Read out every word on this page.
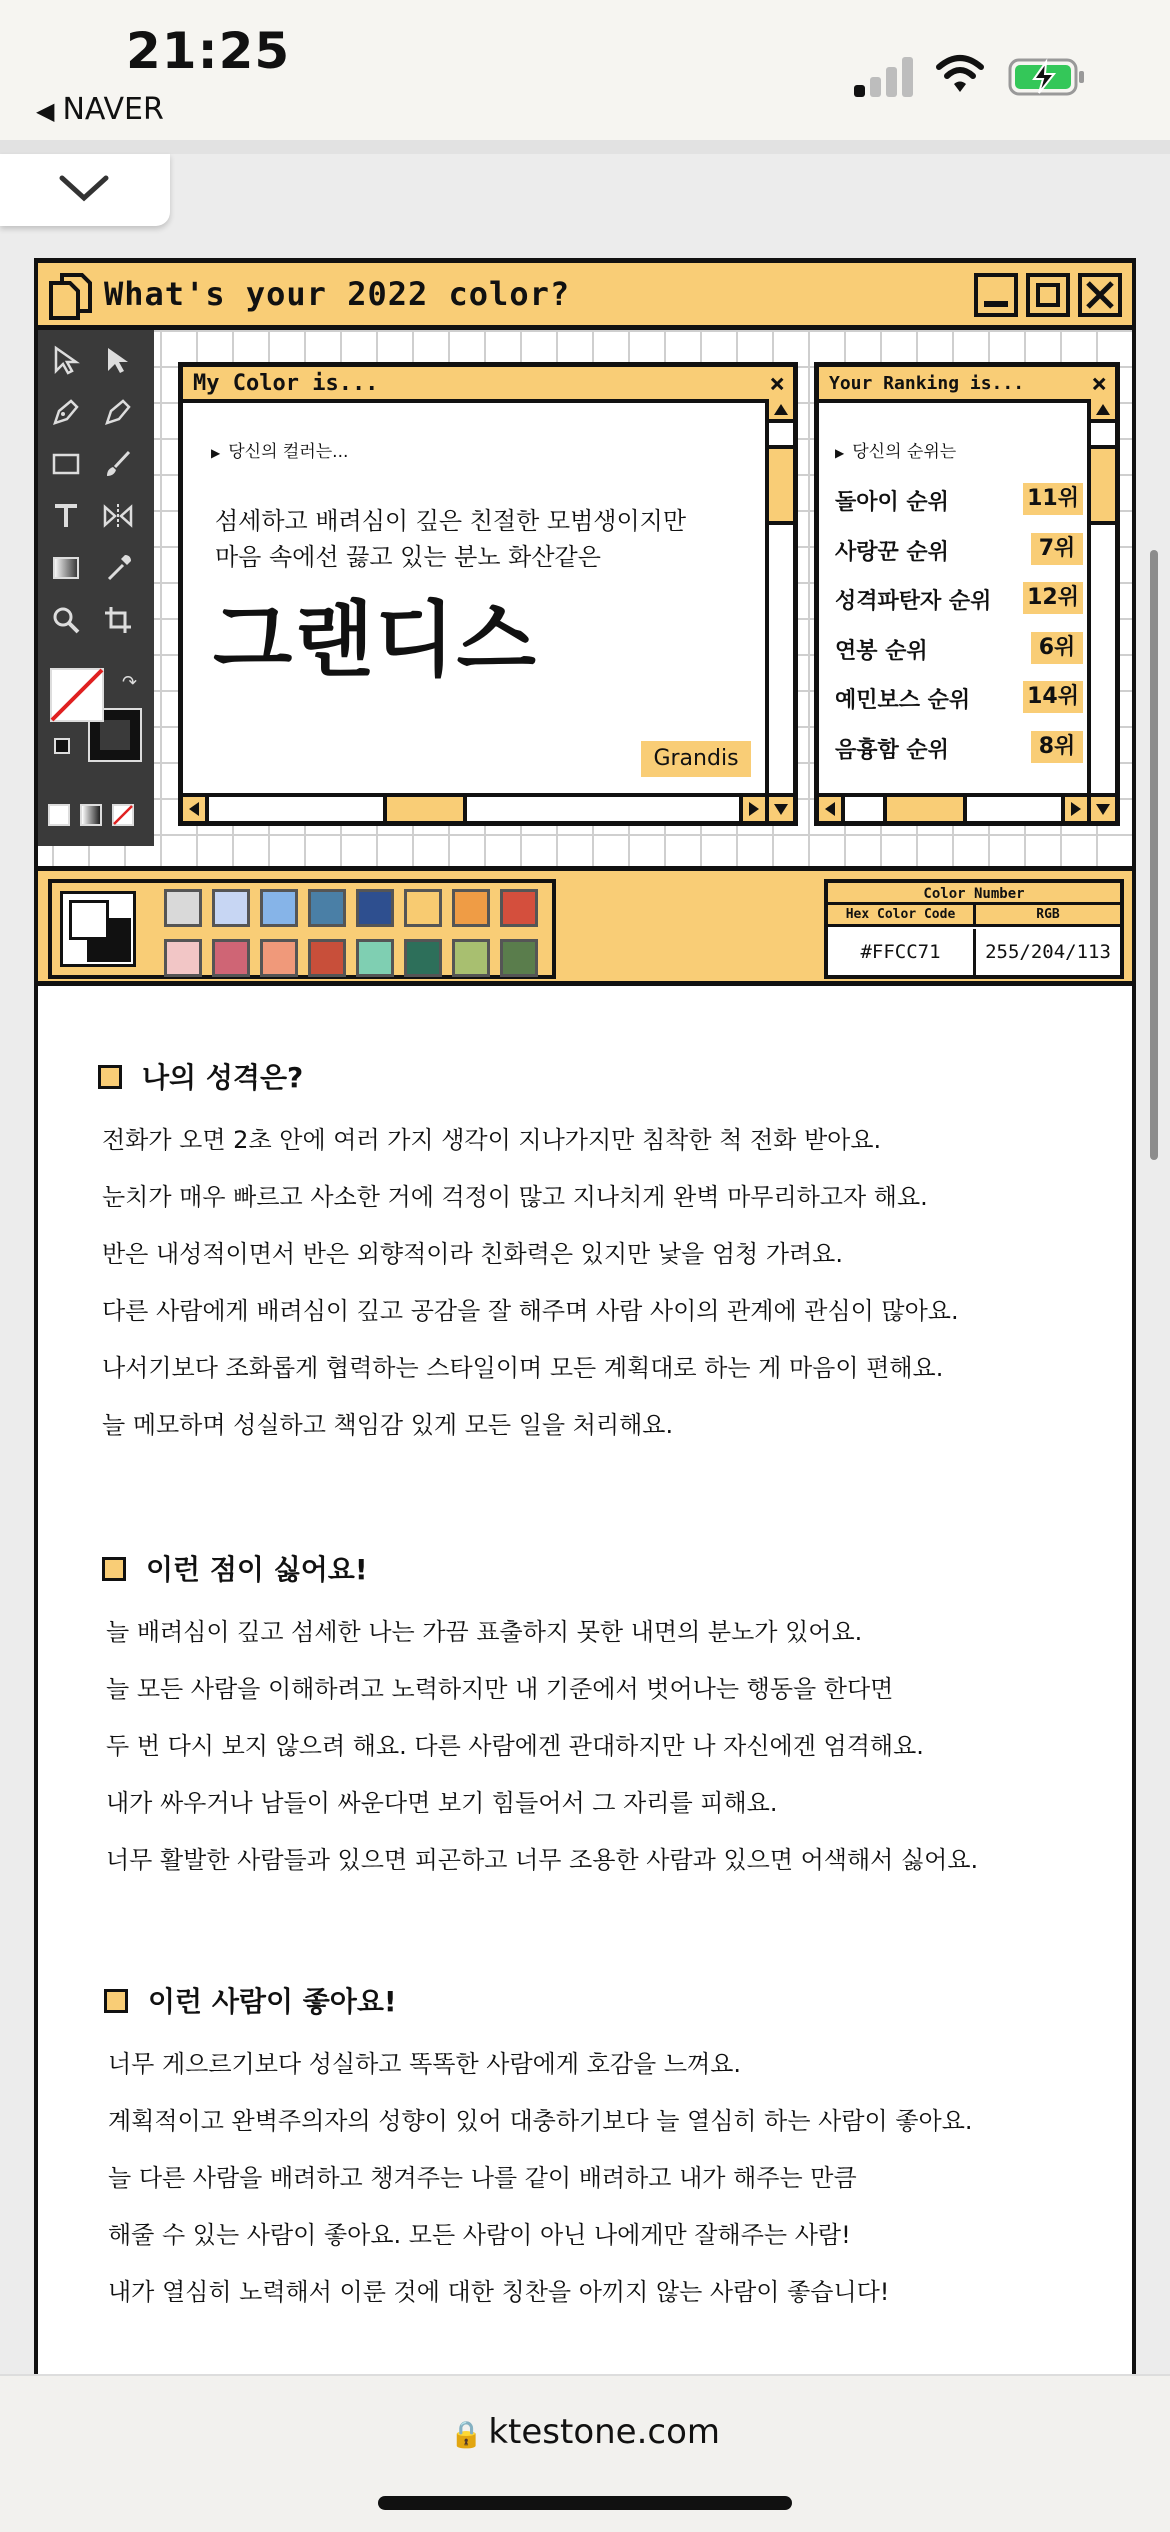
21:25
◀ NAVER
What's your 2022 color?
↷
My Color is...	×
▶ 당신의 컬러는...
섬세하고 배려심이 깊은 친절한 모범생이지만
마음 속에선 끓고 있는 분노 화산같은
그랜디스
Grandis
Your Ranking is...	×
▶ 당신의 순위는
돌아이 순위	11위
사랑꾼 순위	7위
성격파탄자 순위 12위
연봉 순위	6위
예민보스 순위	14위
음흉함 순위	8위
Color Number
Hex Color Code	RGB
#FFCC71	255/204/113
나의 성격은?
전화가 오면 2초 안에 여러 가지 생각이 지나가지만 침착한 척 전화 받아요.
눈치가 매우 빠르고 사소한 거에 걱정이 많고 지나치게 완벽 마무리하고자 해요.
반은 내성적이면서 반은 외향적이라 친화력은 있지만 낯을 엄청 가려요.
다른 사람에게 배려심이 깊고 공감을 잘 해주며 사람 사이의 관계에 관심이 많아요.
나서기보다 조화롭게 협력하는 스타일이며 모든 계획대로 하는 게 마음이 편해요.
늘 메모하며 성실하고 책임감 있게 모든 일을 처리해요.
이런 점이 싫어요!
늘 배려심이 깊고 섬세한 나는 가끔 표출하지 못한 내면의 분노가 있어요.
늘 모든 사람을 이해하려고 노력하지만 내 기준에서 벗어나는 행동을 한다면
두 번 다시 보지 않으려 해요. 다른 사람에겐 관대하지만 나 자신에겐 엄격해요.
내가 싸우거나 남들이 싸운다면 보기 힘들어서 그 자리를 피해요.
너무 활발한 사람들과 있으면 피곤하고 너무 조용한 사람과 있으면 어색해서 싫어요.
이런 사람이 좋아요!
너무 게으르기보다 성실하고 똑똑한 사람에게 호감을 느껴요.
계획적이고 완벽주의자의 성향이 있어 대충하기보다 늘 열심히 하는 사람이 좋아요.
늘 다른 사람을 배려하고 챙겨주는 나를 같이 배려하고 내가 해주는 만큼
해줄 수 있는 사람이 좋아요. 모든 사람이 아닌 나에게만 잘해주는 사람!
내가 열심히 노력해서 이룬 것에 대한 칭찬을 아끼지 않는 사람이 좋습니다!
🔒 ktestone.com
